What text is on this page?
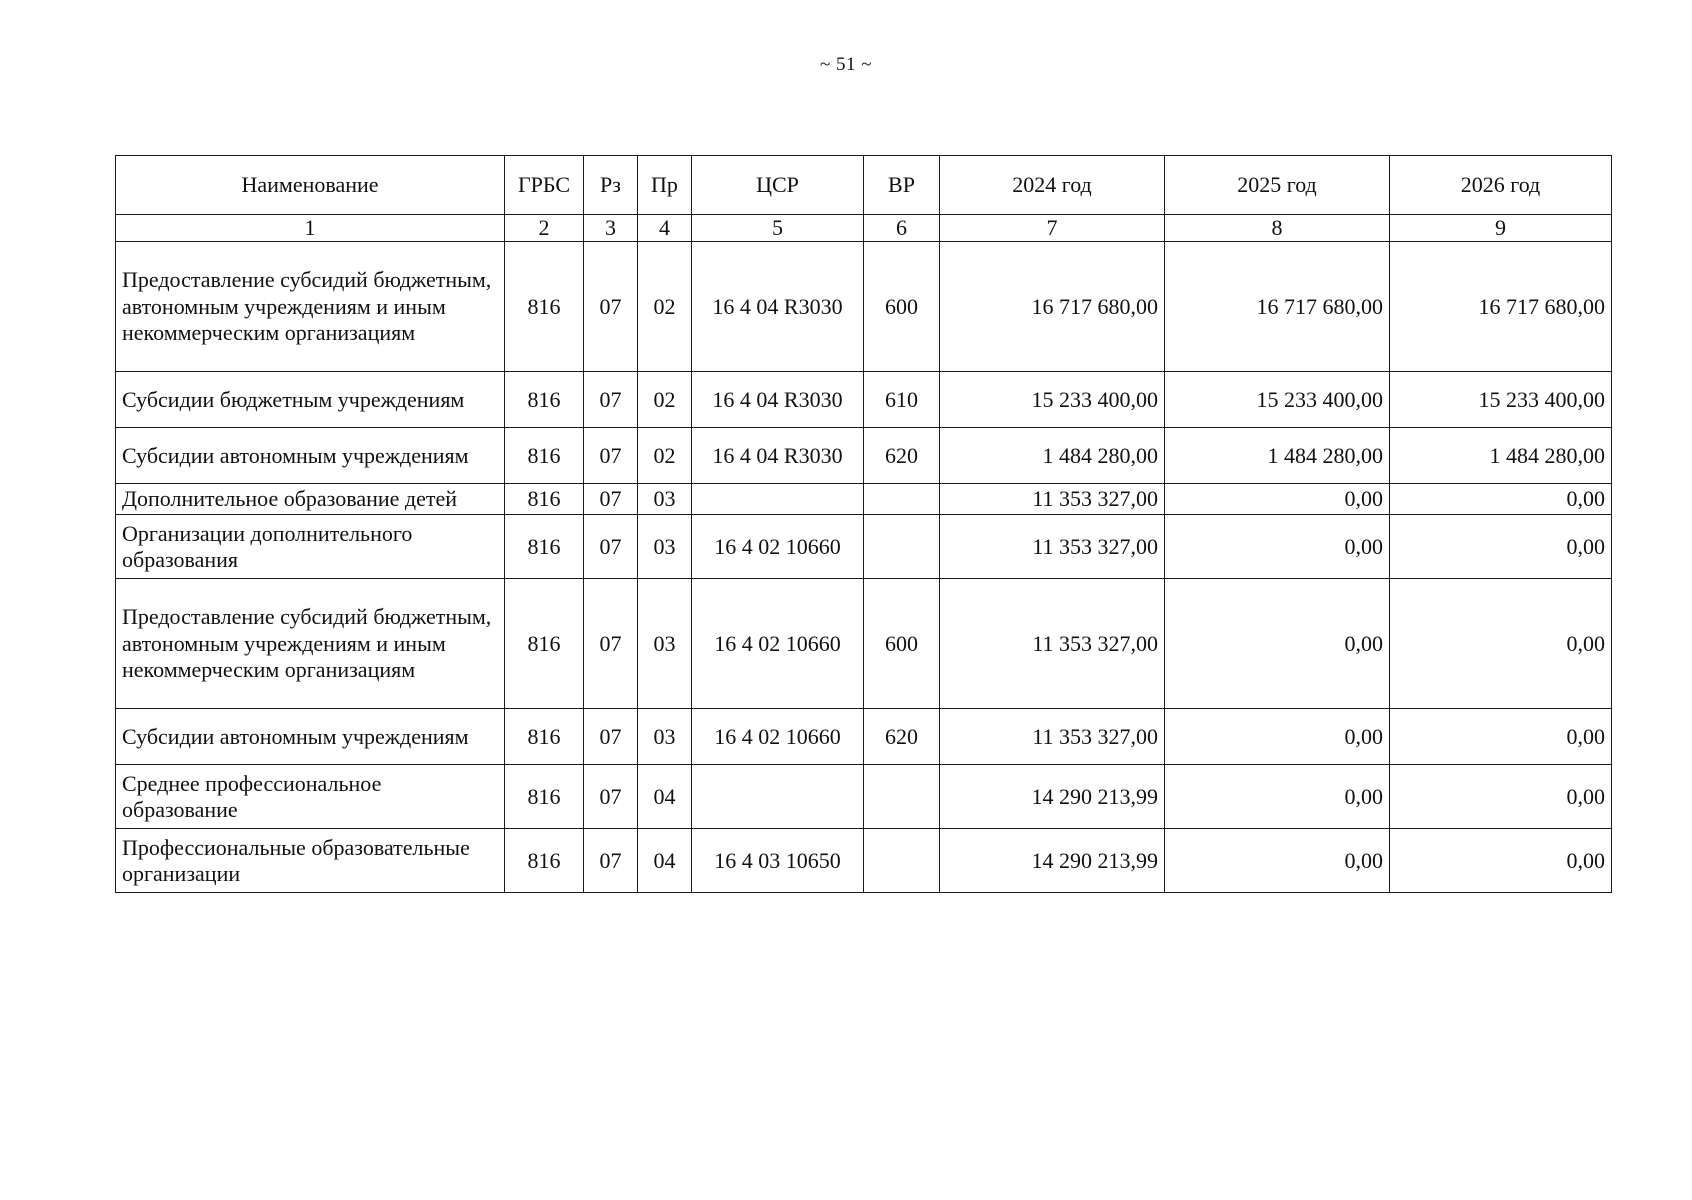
~ 51 ~
Наименование	ГРБС	Рз	Пр	ЦСР	ВР	2024 год	2025 год	2026 год
1	2	3	4	5	6	7	8	9
Предоставление субсидий бюджетным, автономным учреждениям и иным некоммерческим организациям	816	07	02	16 4 04 R3030	600	16 717 680,00	16 717 680,00	16 717 680,00
Субсидии бюджетным учреждениям	816	07	02	16 4 04 R3030	610	15 233 400,00	15 233 400,00	15 233 400,00
Субсидии автономным учреждениям	816	07	02	16 4 04 R3030	620	1 484 280,00	1 484 280,00	1 484 280,00
Дополнительное образование детей	816	07	03			11 353 327,00	0,00	0,00
Организации дополнительного образования	816	07	03	16 4 02 10660		11 353 327,00	0,00	0,00
Предоставление субсидий бюджетным, автономным учреждениям и иным некоммерческим организациям	816	07	03	16 4 02 10660	600	11 353 327,00	0,00	0,00
Субсидии автономным учреждениям	816	07	03	16 4 02 10660	620	11 353 327,00	0,00	0,00
Среднее профессиональное образование	816	07	04			14 290 213,99	0,00	0,00
Профессиональные образовательные организации	816	07	04	16 4 03 10650		14 290 213,99	0,00	0,00
